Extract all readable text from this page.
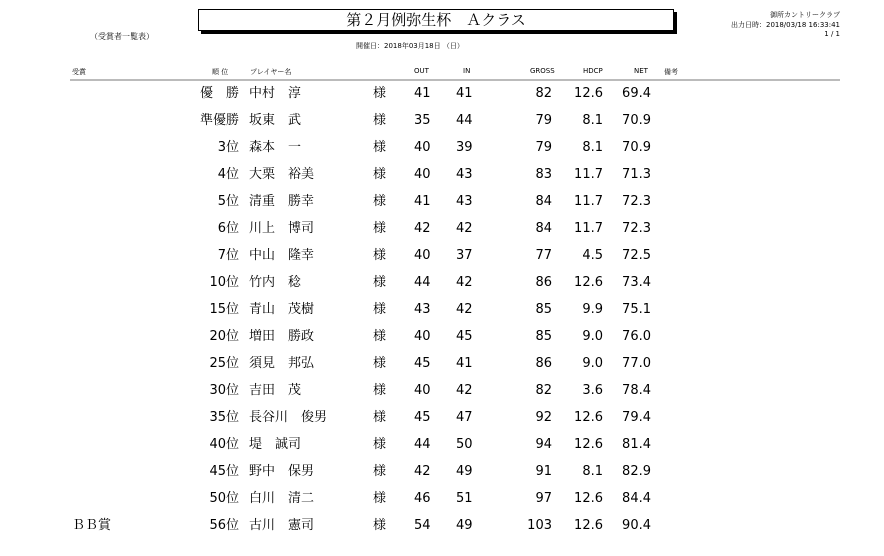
第２月例弥生杯　Ａクラス
（受賞者一覧表）
開催日：2018年03月18日 （日）
御所カントリークラブ
出力日時：2018/03/18 16:33:41
1 / 1
受賞	順 位	プレイヤー名	OUT	IN	GROSS	HDCP	NET 備考
優　勝 中村　淳	様 41 41	82 12.6 69.4
準優勝 坂東　武	様 35 44	79 8.1 70.9
3位 森本　一	様 40 39	79 8.1 70.9
4位 大栗　裕美	様 40 43	83 11.7 71.3
5位 清重　勝幸	様 41 43	84 11.7 72.3
6位 川上　博司	様 42 42	84 11.7 72.3
7位 中山　隆幸	様 40 37	77 4.5 72.5
10位 竹内　稔	様 44 42	86 12.6 73.4
15位 青山　茂樹	様 43 42	85 9.9 75.1
20位 増田　勝政	様 40 45	85 9.0 76.0
25位 須見　邦弘	様 45 41	86 9.0 77.0
30位 吉田　茂	様 40 42	82 3.6 78.4
35位 長谷川　俊男	様 45 47	92 12.6 79.4
40位 堤　誠司	様 44 50	94 12.6 81.4
45位 野中　保男	様 42 49	91 8.1 82.9
50位 白川　清二	様 46 51	97 12.6 84.4
ＢＢ賞	56位 古川　憲司	様 54 49	103 12.6 90.4
